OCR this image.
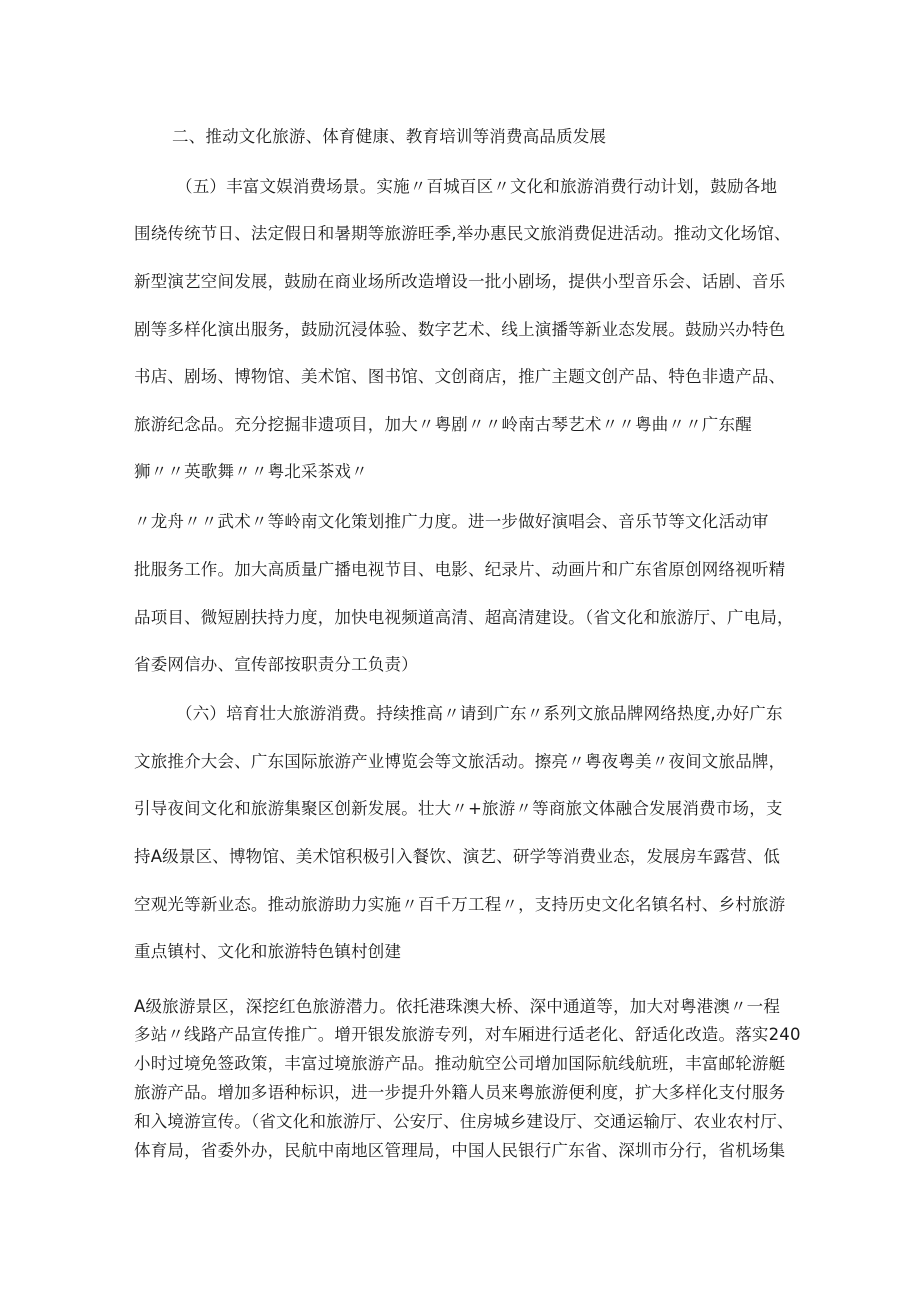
二、推动文化旅游、体育健康、教育培训等消费高品质发展

（五）丰富文娱消费场景。实施〃百城百区〃文化和旅游消费行动计划，鼓励各地

围绕传统节日、法定假日和暑期等旅游旺季,举办惠民文旅消费促进活动。推动文化场馆、

新型演艺空间发展，鼓励在商业场所改造增设一批小剧场，提供小型音乐会、话剧、音乐

剧等多样化演出服务，鼓励沉浸体验、数字艺术、线上演播等新业态发展。鼓励兴办特色

书店、剧场、博物馆、美术馆、图书馆、文创商店，推广主题文创产品、特色非遗产品、

旅游纪念品。充分挖掘非遗项目，加大〃粤剧〃〃岭南古琴艺术〃〃粤曲〃〃广东醒

狮〃〃英歌舞〃〃粤北采茶戏〃

〃龙舟〃〃武术〃等岭南文化策划推广力度。进一步做好演唱会、音乐节等文化活动审

批服务工作。加大高质量广播电视节目、电影、纪录片、动画片和广东省原创网络视听精

品项目、微短剧扶持力度，加快电视频道高清、超高清建设。（省文化和旅游厅、广电局，

省委网信办、宣传部按职责分工负责）

（六）培育壮大旅游消费。持续推高〃请到广东〃系列文旅品牌网络热度,办好广东

文旅推介大会、广东国际旅游产业博览会等文旅活动。擦亮〃粤夜粤美〃夜间文旅品牌，

引导夜间文化和旅游集聚区创新发展。壮大〃+旅游〃等商旅文体融合发展消费市场，支

持A级景区、博物馆、美术馆积极引入餐饮、演艺、研学等消费业态，发展房车露营、低

空观光等新业态。推动旅游助力实施〃百千万工程〃，支持历史文化名镇名村、乡村旅游

重点镇村、文化和旅游特色镇村创建

A级旅游景区，深挖红色旅游潜力。依托港珠澳大桥、深中通道等，加大对粤港澳〃一程

多站〃线路产品宣传推广。增开银发旅游专列，对车厢进行适老化、舒适化改造。落实240

小时过境免签政策，丰富过境旅游产品。推动航空公司增加国际航线航班，丰富邮轮游艇

旅游产品。增加多语种标识，进一步提升外籍人员来粤旅游便利度，扩大多样化支付服务

和入境游宣传。（省文化和旅游厅、公安厅、住房城乡建设厅、交通运输厅、农业农村厅、

体育局，省委外办，民航中南地区管理局，中国人民银行广东省、深圳市分行，省机场集
